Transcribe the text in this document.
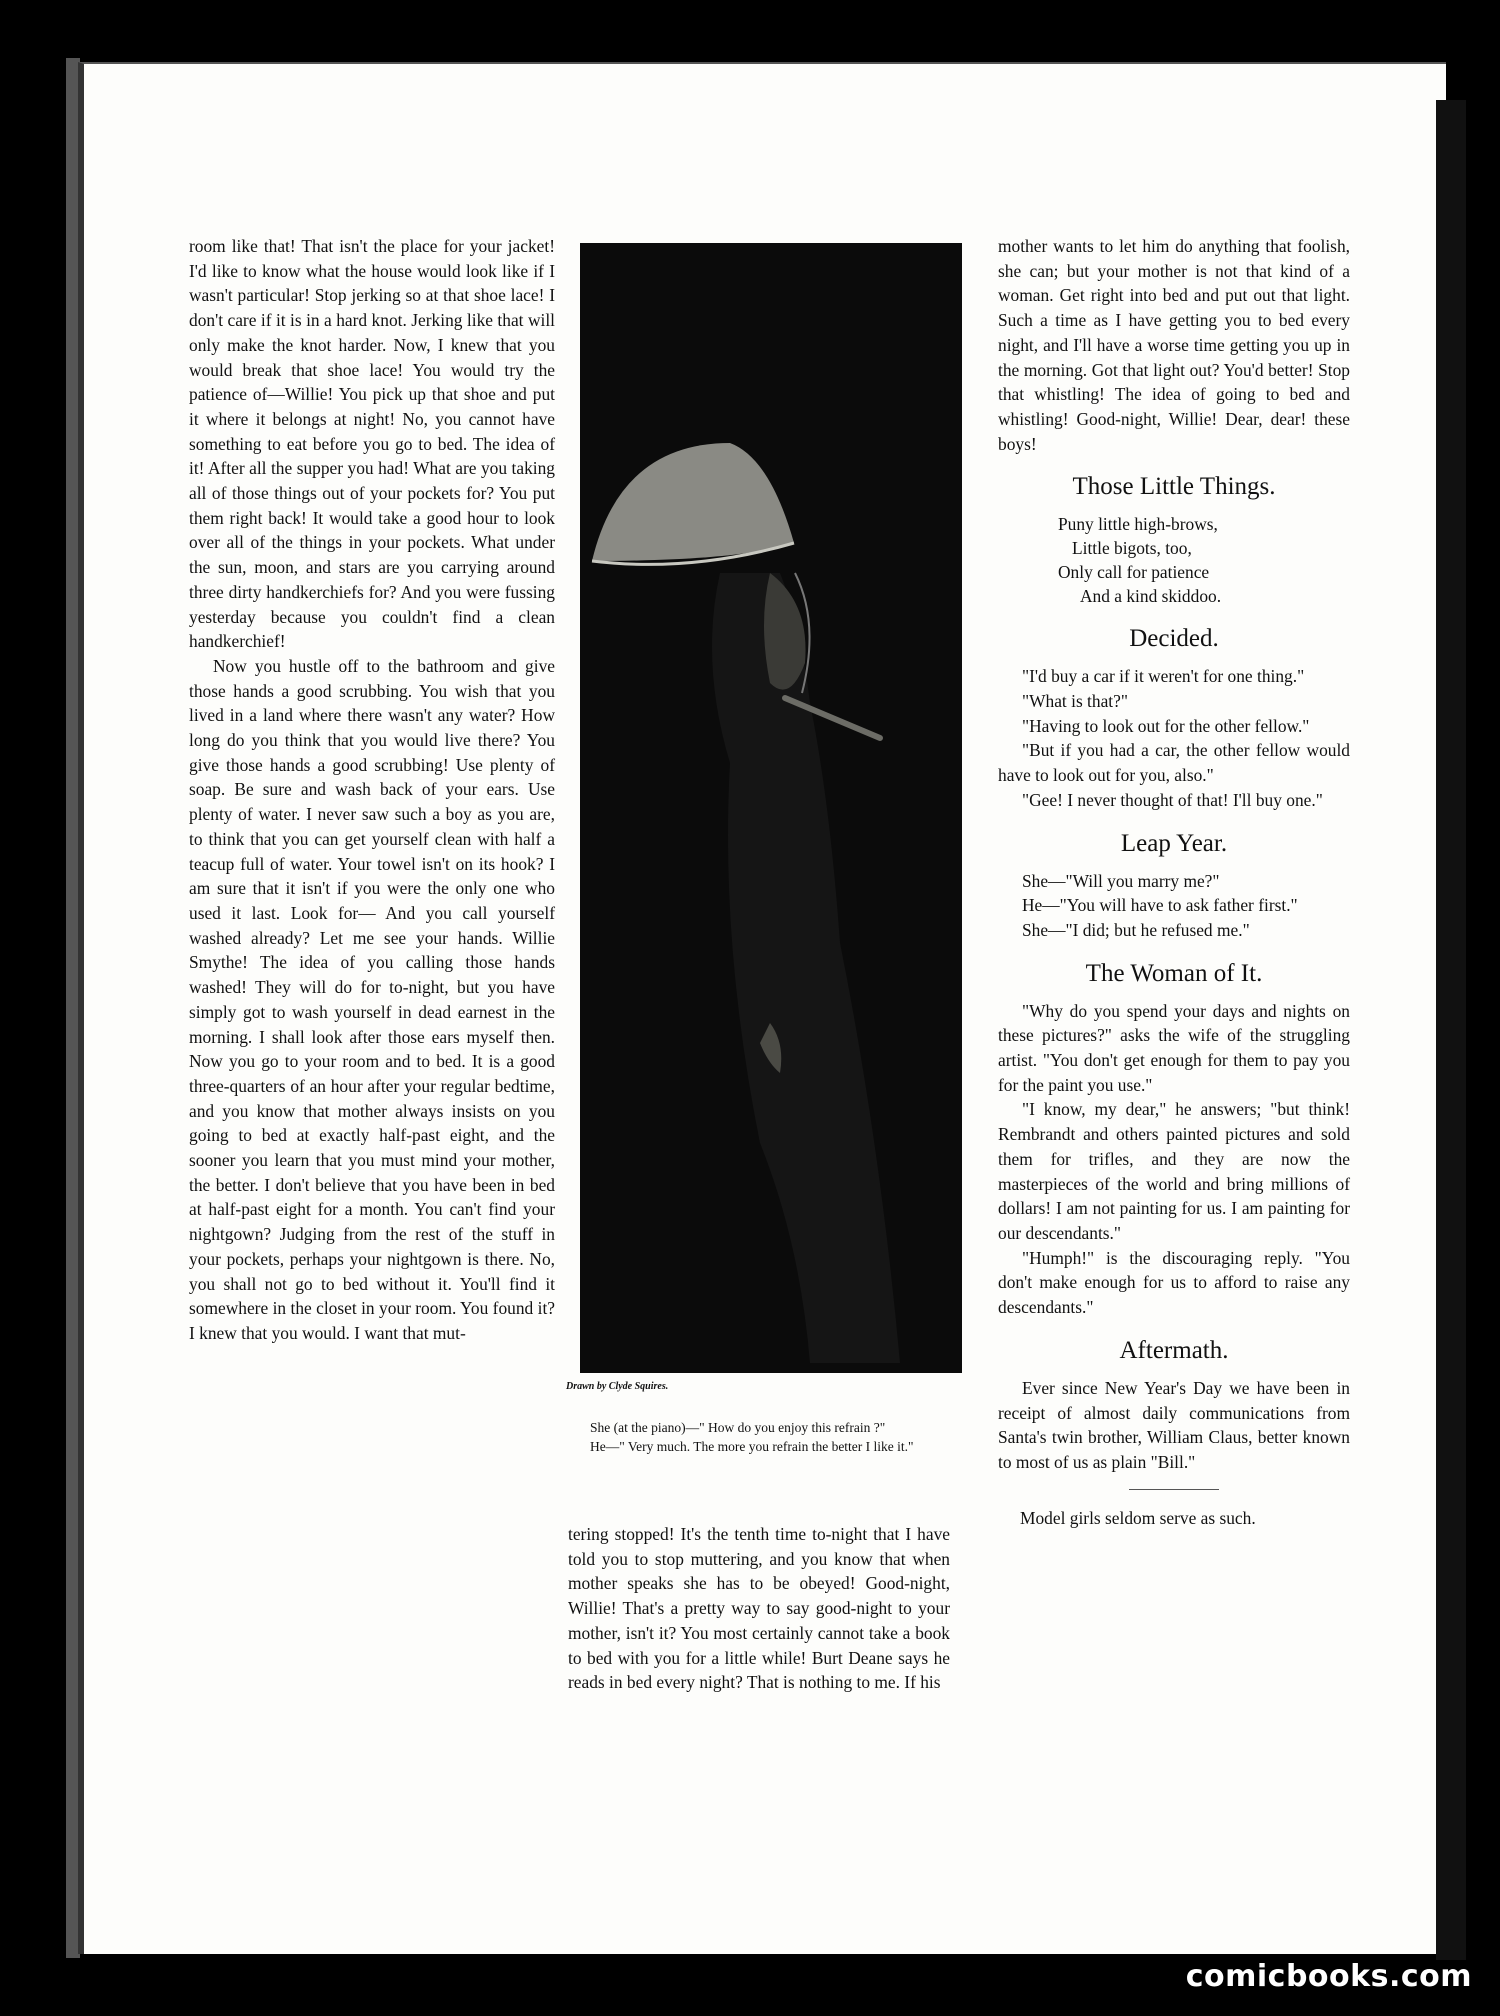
room like that! That isn't the place for your jacket! I'd like to know what the house would look like if I wasn't particular! Stop jerking so at that shoe lace! I don't care if it is in a hard knot. Jerking like that will only make the knot harder. Now, I knew that you would break that shoe lace! You would try the patience of—Willie! You pick up that shoe and put it where it belongs at night! No, you cannot have something to eat before you go to bed. The idea of it! After all the supper you had! What are you taking all of those things out of your pockets for? You put them right back! It would take a good hour to look over all of the things in your pockets. What under the sun, moon, and stars are you carrying around three dirty handkerchiefs for? And you were fussing yesterday because you couldn't find a clean handkerchief!

Now you hustle off to the bathroom and give those hands a good scrubbing. You wish that you lived in a land where there wasn't any water? How long do you think that you would live there? You give those hands a good scrubbing! Use plenty of soap. Be sure and wash back of your ears. Use plenty of water. I never saw such a boy as you are, to think that you can get yourself clean with half a teacup full of water. Your towel isn't on its hook? I am sure that it isn't if you were the only one who used it last. Look for— And you call yourself washed already? Let me see your hands. Willie Smythe! The idea of you calling those hands washed! They will do for to-night, but you have simply got to wash yourself in dead earnest in the morning. I shall look after those ears myself then. Now you go to your room and to bed. It is a good three-quarters of an hour after your regular bedtime, and you know that mother always insists on you going to bed at exactly half-past eight, and the sooner you learn that you must mind your mother, the better. I don't believe that you have been in bed at half-past eight for a month. You can't find your nightgown? Judging from the rest of the stuff in your pockets, perhaps your nightgown is there. No, you shall not go to bed without it. You'll find it somewhere in the closet in your room. You found it? I knew that you would. I want that mut-

Drawn by Clyde Squires.

She (at the piano)—" How do you enjoy this refrain ?"

He—" Very much. The more you refrain the better I like it."

tering stopped! It's the tenth time to-night that I have told you to stop muttering, and you know that when mother speaks she has to be obeyed! Good-night, Willie! That's a pretty way to say good-night to your mother, isn't it? You most certainly cannot take a book to bed with you for a little while! Burt Deane says he reads in bed every night? That is nothing to me. If his

mother wants to let him do anything that foolish, she can; but your mother is not that kind of a woman. Get right into bed and put out that light. Such a time as I have getting you to bed every night, and I'll have a worse time getting you up in the morning. Got that light out? You'd better! Stop that whistling! The idea of going to bed and whistling! Good-night, Willie! Dear, dear! these boys!

Those Little Things.
Puny little high-brows,
Little bigots, too,
Only call for patience
And a kind skiddoo.
Decided.

"I'd buy a car if it weren't for one thing."

"What is that?"

"Having to look out for the other fellow."

"But if you had a car, the other fellow would have to look out for you, also."

"Gee! I never thought of that! I'll buy one."

Leap Year.

She—"Will you marry me?"

He—"You will have to ask father first."

She—"I did; but he refused me."

The Woman of It.

"Why do you spend your days and nights on these pictures?" asks the wife of the struggling artist. "You don't get enough for them to pay you for the paint you use."

"I know, my dear," he answers; "but think! Rembrandt and others painted pictures and sold them for trifles, and they are now the masterpieces of the world and bring millions of dollars! I am not painting for us. I am painting for our descendants."

"Humph!" is the discouraging reply. "You don't make enough for us to afford to raise any descendants."

Aftermath.

Ever since New Year's Day we have been in receipt of almost daily communications from Santa's twin brother, William Claus, better known to most of us as plain "Bill."

Model girls seldom serve as such.

comicbooks.com
